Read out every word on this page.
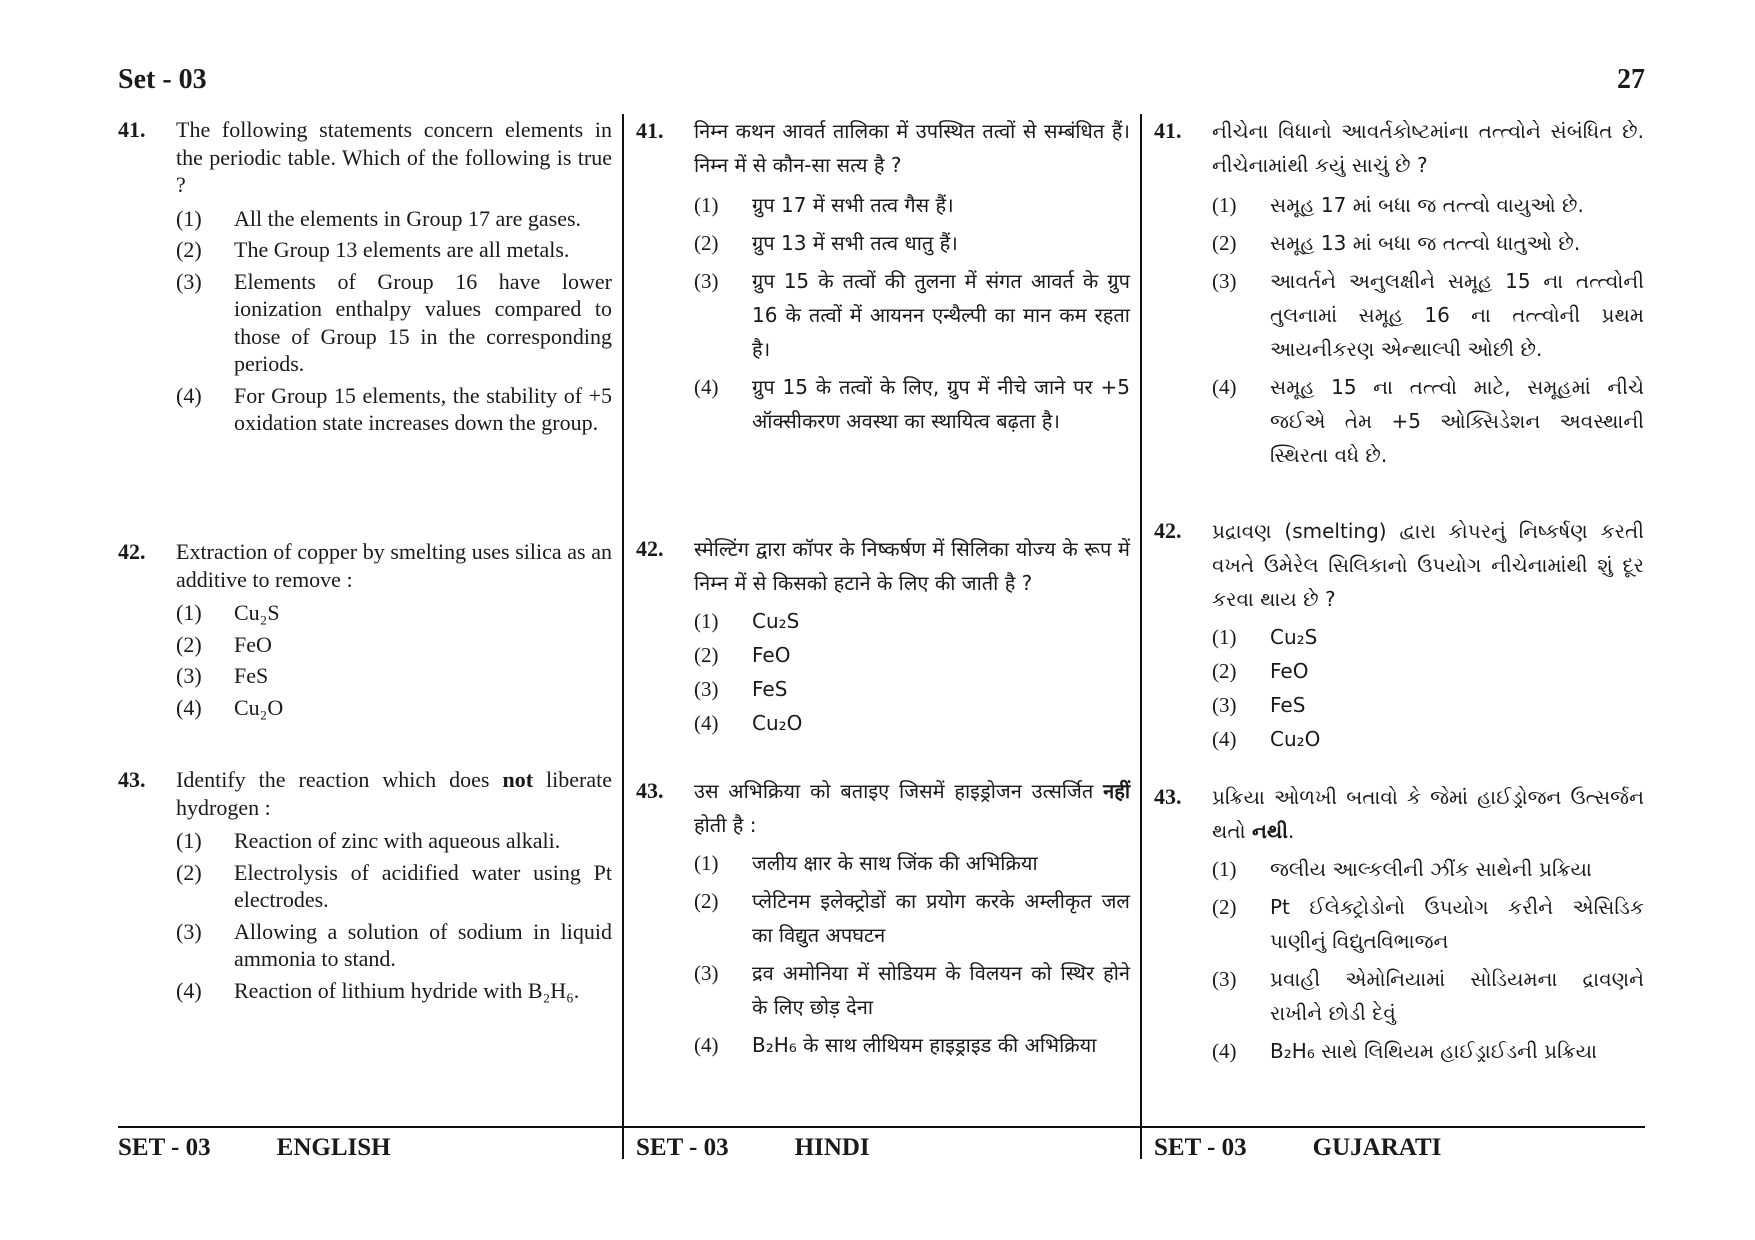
Set - 03	27
41.	The following statements concern elements in the periodic table. Which of the following is true ?
(1)	All the elements in Group 17 are gases.
(2)	The Group 13 elements are all metals.
(3)	Elements of Group 16 have lower ionization enthalpy values compared to those of Group 15 in the corresponding periods.
(4)	For Group 15 elements, the stability of +5 oxidation state increases down the group.
42.	Extraction of copper by smelting uses silica as an additive to remove :
(1)	Cu₂S
(2)	FeO
(3)	FeS
(4)	Cu₂O
43.	Identify the reaction which does not liberate hydrogen :
(1)	Reaction of zinc with aqueous alkali.
(2)	Electrolysis of acidified water using Pt electrodes.
(3)	Allowing a solution of sodium in liquid ammonia to stand.
(4)	Reaction of lithium hydride with B₂H₆.
41.	निम्न कथन आवर्त तालिका में उपस्थित तत्वों से सम्बंधित हैं। निम्न में से कौन-सा सत्य है ?
(1)	ग्रुप 17 में सभी तत्व गैस हैं।
(2)	ग्रुप 13 में सभी तत्व धातु हैं।
(3)	ग्रुप 15 के तत्वों की तुलना में संगत आवर्त के ग्रुप 16 के तत्वों में आयनन एन्थैल्पी का मान कम रहता है।
(4)	ग्रुप 15 के तत्वों के लिए, ग्रुप में नीचे जाने पर +5 ऑक्सीकरण अवस्था का स्थायित्व बढ़ता है।
42.	स्मेल्टिंग द्वारा कॉपर के निष्कर्षण में सिलिका योज्य के रूप में निम्न में से किसको हटाने के लिए की जाती है ?
(1)	Cu₂S
(2)	FeO
(3)	FeS
(4)	Cu₂O
43.	उस अभिक्रिया को बताइए जिसमें हाइड्रोजन उत्सर्जित नहीं होती है :
(1)	जलीय क्षार के साथ जिंक की अभिक्रिया
(2)	प्लेटिनम इलेक्ट्रोडों का प्रयोग करके अम्लीकृत जल का विद्युत अपघटन
(3)	द्रव अमोनिया में सोडियम के विलयन को स्थिर होने के लिए छोड़ देना
(4)	B₂H₆ के साथ लीथियम हाइड्राइड की अभिक्रिया
41.	નીચેના વિધાનો આવર્તકોષ્ટમાંના તત્ત્વોને સંબંધિત છે. નીચેનામાંથી કયું સાચું છે ?
(1)	સમૂહ 17 માં બધા જ તત્ત્વો વાયુઓ છે.
(2)	સમૂહ 13 માં બધા જ તત્ત્વો ધાતુઓ છે.
(3)	આવર્તને અનુલક્ષીને સમૂહ 15 ના તત્ત્વોની તુલનામાં સમૂહ 16 ના તત્ત્વોની પ્રથમ આયનીકરણ એન્થાલ્પી ઓછી છે.
(4)	સમૂહ 15 ના તત્ત્વો માટે, સમૂહમાં નીચે જઈએ તેમ +5 ઓક્સિડેશન અવસ્થાની સ્થિરતા વધે છે.
42.	પ્રદ્રાવણ (smelting) દ્વારા કોપરનું નિષ્કર્ષણ કરતી વખતે ઉમેરેલ સિલિકાનો ઉપયોગ નીચેનામાંથી શું દૂર કરવા થાય છે ?
(1)	Cu₂S
(2)	FeO
(3)	FeS
(4)	Cu₂O
43.	પ્રક્રિયા ઓળખી બતાવો કે જેમાં હાઈડ્રોજન ઉત્સર્જન થતો નથી.
(1)	જલીય આલ્કલીની ઝીંક સાથેની પ્રક્રિયા
(2)	Pt ઈલેક્ટ્રોડોનો ઉપયોગ કરીને એસિડિક પાણીનું વિદ્યુતવિભાજન
(3)	પ્રવાહી એમોનિયામાં સોડિયમના દ્રાવણને રાખીને છોડી દેવું
(4)	B₂H₆ સાથે લિથિયમ હાઈડ્રાઈડની પ્રક્રિયા
SET - 03	ENGLISH	SET - 03	HINDI	SET - 03	GUJARATI
